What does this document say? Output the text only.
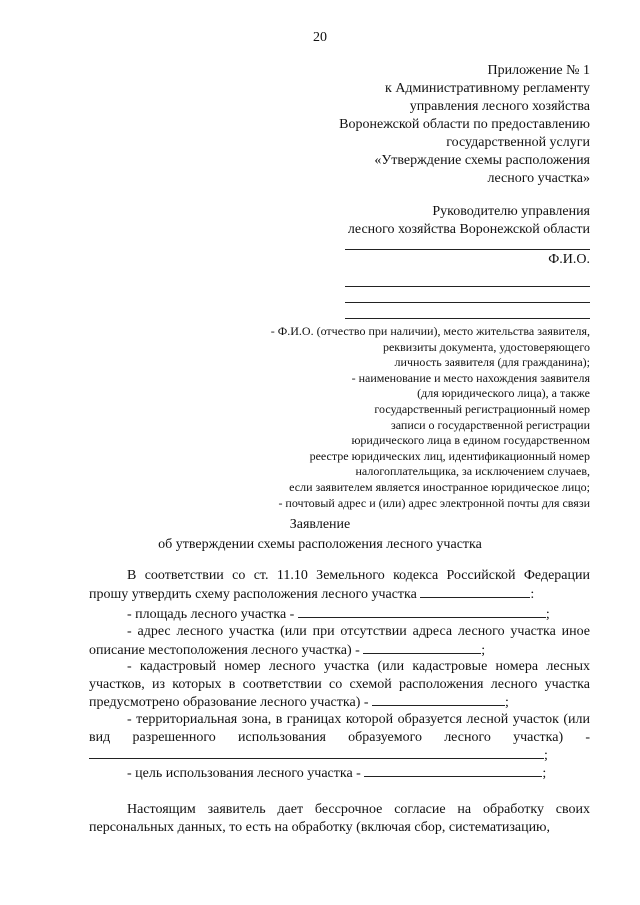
20
Приложение № 1
к Административному регламенту
управления лесного хозяйства
Воронежской области по предоставлению
государственной услуги
«Утверждение схемы расположения
лесного участка»
Руководителю управления
лесного хозяйства Воронежской области
Ф.И.О.
- Ф.И.О. (отчество при наличии), место жительства заявителя,
реквизиты документа, удостоверяющего
личность заявителя (для гражданина);
- наименование и место нахождения заявителя
(для юридического лица), а также
государственный регистрационный номер
записи о государственной регистрации
юридического лица в едином государственном
реестре юридических лиц, идентификационный номер
налогоплательщика, за исключением случаев,
если заявителем является иностранное юридическое лицо;
- почтовый адрес и (или) адрес электронной почты для связи
Заявление
об утверждении схемы расположения лесного участка
В соответствии со ст. 11.10 Земельного кодекса Российской Федерации прошу утвердить схему расположения лесного участка	:
- площадь лесного участка -	;
- адрес лесного участка (или при отсутствии адреса лесного участка иное описание местоположения лесного участка) -	;
- кадастровый номер лесного участка (или кадастровые номера лесных участков, из которых в соответствии со схемой расположения лесного участка предусмотрено образование лесного участка) -	;
- территориальная зона, в границах которой образуется лесной участок (или вид разрешенного использования образуемого лесного участка) - ;
- цель использования лесного участка -	;
Настоящим заявитель дает бессрочное согласие на обработку своих персональных данных, то есть на обработку (включая сбор, систематизацию,
